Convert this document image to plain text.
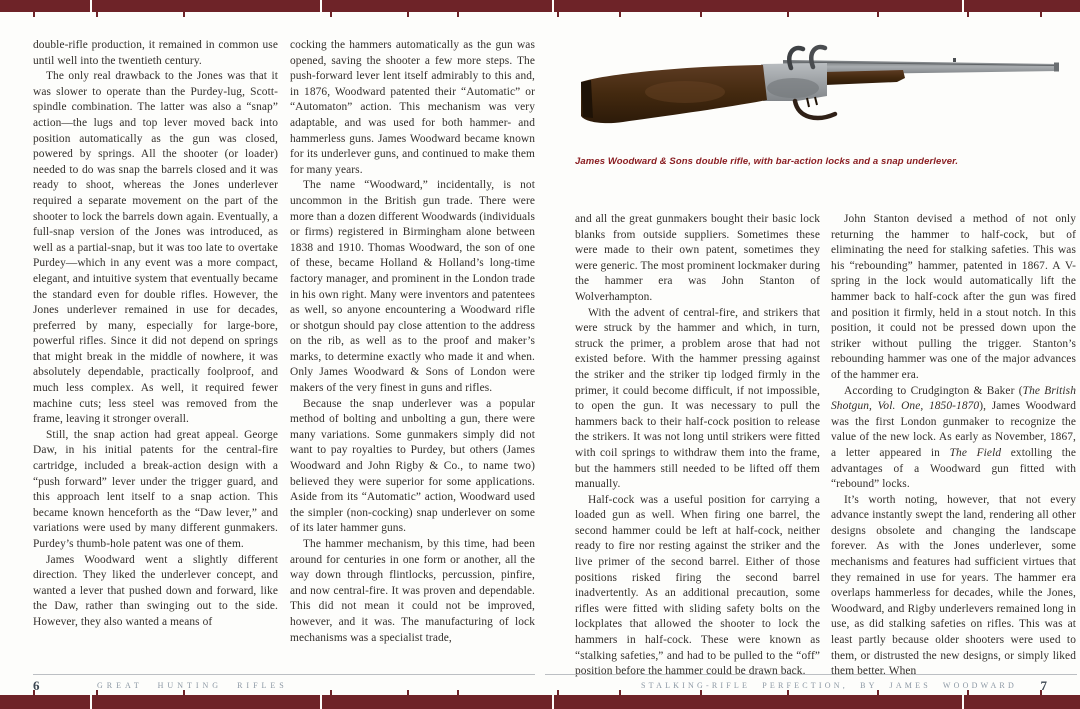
double-rifle production, it remained in common use until well into the twentieth century.

The only real drawback to the Jones was that it was slower to operate than the Purdey-lug, Scott-spindle combination. The latter was also a “snap” action—the lugs and top lever moved back into position automatically as the gun was closed, powered by springs. All the shooter (or loader) needed to do was snap the barrels closed and it was ready to shoot, whereas the Jones underlever required a separate movement on the part of the shooter to lock the barrels down again. Eventually, a full-snap version of the Jones was introduced, as well as a partial-snap, but it was too late to overtake Purdey—which in any event was a more compact, elegant, and intuitive system that eventually became the standard even for double rifles. However, the Jones underlever remained in use for decades, preferred by many, especially for large-bore, powerful rifles. Since it did not depend on springs that might break in the middle of nowhere, it was absolutely dependable, practically foolproof, and much less complex. As well, it required fewer machine cuts; less steel was removed from the frame, leaving it stronger overall.

Still, the snap action had great appeal. George Daw, in his initial patents for the central-fire cartridge, included a break-action design with a “push forward” lever under the trigger guard, and this approach lent itself to a snap action. This became known henceforth as the “Daw lever,” and variations were used by many different gunmakers. Purdey’s thumb-hole patent was one of them.

James Woodward went a slightly different direction. They liked the underlever concept, and wanted a lever that pushed down and forward, like the Daw, rather than swinging out to the side. However, they also wanted a means of

cocking the hammers automatically as the gun was opened, saving the shooter a few more steps. The push-forward lever lent itself admirably to this and, in 1876, Woodward patented their “Automatic” or “Automaton” action. This mechanism was very adaptable, and was used for both hammer- and hammerless guns. James Woodward became known for its underlever guns, and continued to make them for many years.

The name “Woodward,” incidentally, is not uncommon in the British gun trade. There were more than a dozen different Woodwards (individuals or firms) registered in Birmingham alone between 1838 and 1910. Thomas Woodward, the son of one of these, became Holland & Holland’s long-time factory manager, and prominent in the London trade in his own right. Many were inventors and patentees as well, so anyone encountering a Woodward rifle or shotgun should pay close attention to the address on the rib, as well as to the proof and maker’s marks, to determine exactly who made it and when. Only James Woodward & Sons of London were makers of the very finest in guns and rifles.

Because the snap underlever was a popular method of bolting and unbolting a gun, there were many variations. Some gunmakers simply did not want to pay royalties to Purdey, but others (James Woodward and John Rigby & Co., to name two) believed they were superior for some applications. Aside from its “Automatic” action, Woodward used the simpler (non-cocking) snap underlever on some of its later hammer guns.

The hammer mechanism, by this time, had been around for centuries in one form or another, all the way down through flintlocks, percussion, pinfire, and now central-fire. It was proven and dependable. This did not mean it could not be improved, however, and it was. The manufacturing of lock mechanisms was a specialist trade,

James Woodward & Sons double rifle, with bar-action locks and a snap underlever.

and all the great gunmakers bought their basic lock blanks from outside suppliers. Sometimes these were made to their own patent, sometimes they were generic. The most prominent lockmaker during the hammer era was John Stanton of Wolverhampton.

With the advent of central-fire, and strikers that were struck by the hammer and which, in turn, struck the primer, a problem arose that had not existed before. With the hammer pressing against the striker and the striker tip lodged firmly in the primer, it could become difficult, if not impossible, to open the gun. It was necessary to pull the hammers back to their half-cock position to release the strikers. It was not long until strikers were fitted with coil springs to withdraw them into the frame, but the hammers still needed to be lifted off them manually.

Half-cock was a useful position for carrying a loaded gun as well. When firing one barrel, the second hammer could be left at half-cock, neither ready to fire nor resting against the striker and the live primer of the second barrel. Either of those positions risked firing the second barrel inadvertently. As an additional precaution, some rifles were fitted with sliding safety bolts on the lockplates that allowed the shooter to lock the hammers in half-cock. These were known as “stalking safeties,” and had to be pulled to the “off” position before the hammer could be drawn back.

John Stanton devised a method of not only returning the hammer to half-cock, but of eliminating the need for stalking safeties. This was his “rebounding” hammer, patented in 1867. A V-spring in the lock would automatically lift the hammer back to half-cock after the gun was fired and position it firmly, held in a stout notch. In this position, it could not be pressed down upon the striker without pulling the trigger. Stanton’s rebounding hammer was one of the major advances of the hammer era.

According to Crudgington & Baker (The British Shotgun, Vol. One, 1850-1870), James Woodward was the first London gunmaker to recognize the value of the new lock. As early as November, 1867, a letter appeared in The Field extolling the advantages of a Woodward gun fitted with “rebound” locks.

It’s worth noting, however, that not every advance instantly swept the land, rendering all other designs obsolete and changing the landscape forever. As with the Jones underlever, some mechanisms and features had sufficient virtues that they remained in use for years. The hammer era overlaps hammerless for decades, while the Jones, Woodward, and Rigby underlevers remained long in use, as did stalking safeties on rifles. This was at least partly because older shooters were used to them, or distrusted the new designs, or simply liked them better. When

6	GREAT HUNTING RIFLES	STALKING-RIFLE PERFECTION, BY JAMES WOODWARD 7
